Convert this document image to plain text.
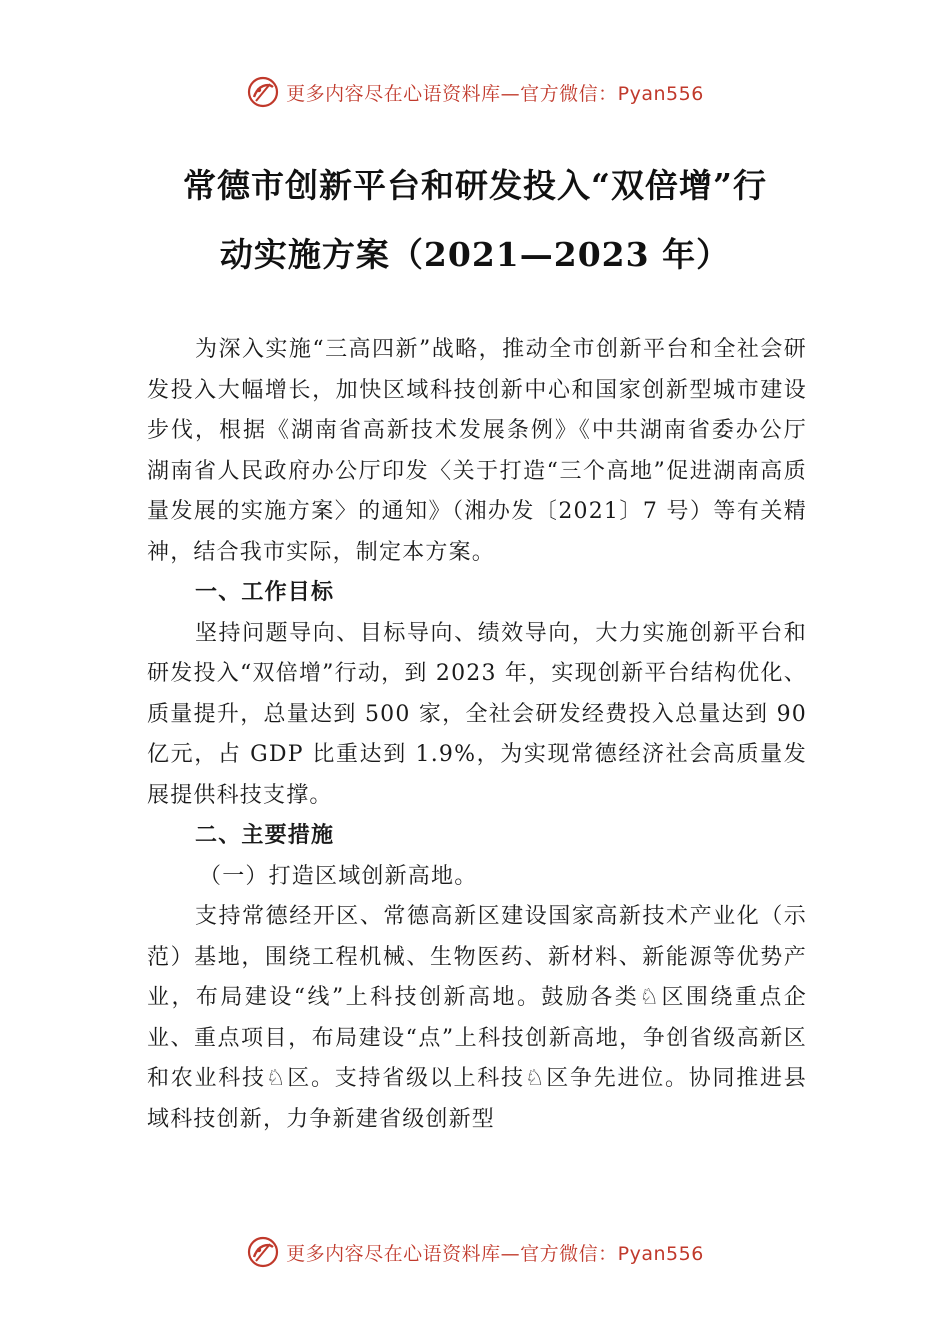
更多内容尽在心语资料库 —官方微信：Pyan556
常德市创新平台和研发投入“双倍增”行
动实施方案（2021—2023 年）

为深入实施“三高四新”战略，推动全市创新平台和全社会研发投入大幅增长，加快区域科技创新中心和国家创新型城市建设步伐，根据《湖南省高新技术发展条例》《中共湖南省委办公厅湖南省人民政府办公厅印发〈关于打造“三个高地”促进湖南高质量发展的实施方案〉的通知》（湘办发〔2021〕7 号）等有关精神，结合我市实际，制定本方案。

一、工作目标

坚持问题导向、目标导向、绩效导向，大力实施创新平台和研发投入“双倍增”行动，到 2023 年，实现创新平台结构优化、质量提升，总量达到 500 家，全社会研发经费投入总量达到 90 亿元，占 GDP 比重达到 1.9%，为实现常德经济社会高质量发展提供科技支撑。

二、主要措施
（一）打造区域创新高地。

支持常德经开区、常德高新区建设国家高新技术产业化（示范）基地，围绕工程机械、生物医药、新材料、新能源等优势产业，布局建设“线”上科技创新高地。鼓励各类♘区围绕重点企业、重点项目，布局建设“点”上科技创新高地，争创省级高新区和农业科技♘区。支持省级以上科技♘区争先进位。协同推进县域科技创新，力争新建省级创新型

更多内容尽在心语资料库 —官方微信：Pyan556
